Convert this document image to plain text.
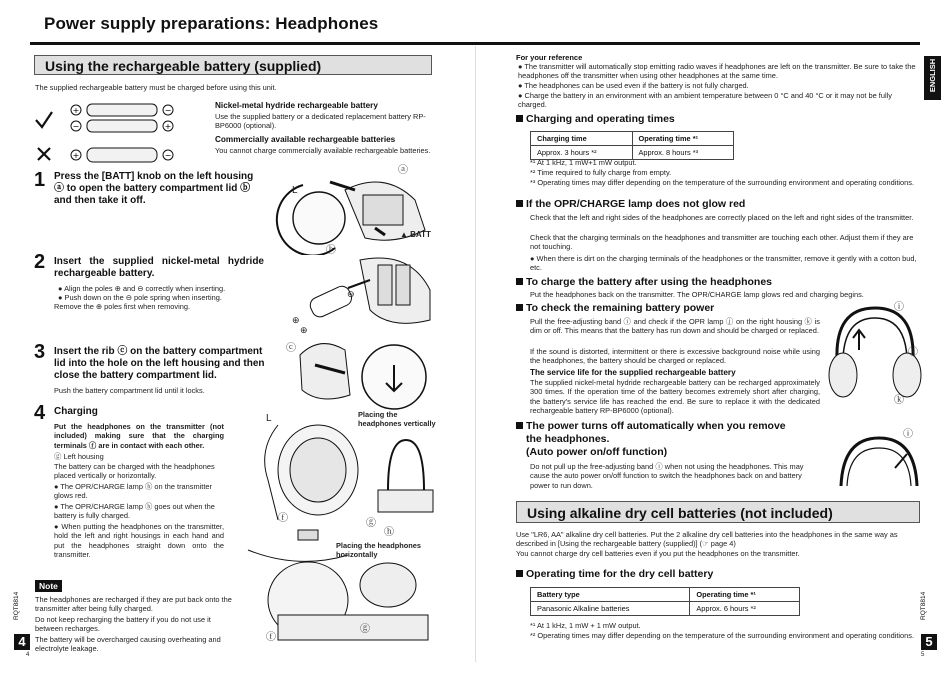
Power supply preparations: Headphones
Using the rechargeable battery (supplied)
The supplied rechargeable battery must be charged before using this unit.
+
−
−
+
+	−
Nickel-metal hydride rechargeable battery
Use the supplied battery or a dedicated replacement battery RP-BP6000 (optional).
Commercially available rechargeable batteries
You cannot charge commercially available rechargeable batteries.
1 Press the [BATT] knob on the left housing ⓐ to open the battery compartment lid ⓑ and then take it off.
2 Insert the supplied nickel-metal hydride rechargeable battery.
● Align the poles ⊕ and ⊖ correctly when inserting.
● Push down on the ⊖ pole spring when inserting.
Remove the ⊕ poles first when removing.
3 Insert the rib ⓒ on the battery compartment lid into the hole on the left housing and then close the battery compartment lid.
Push the battery compartment lid until it locks.
4 Charging
Put the headphones on the transmitter (not included) making sure that the charging terminals ⓕ are in contact with each other.
ⓖ Left housing
The battery can be charged with the headphones placed vertically or horizontally.
● The OPR/CHARGE lamp ⓗ on the transmitter glows red.
● The OPR/CHARGE lamp ⓗ goes out when the battery is fully charged.
● When putting the headphones on the transmitter, hold the left and right housings in each hand and put the headphones straight down onto the transmitter.
L
ⓐ
▲ BATT
ⓑ
⊖
⊕
⊕
ⓒ
Placing the headphones vertically
Placing the headphones horizontally
L
ⓕ	ⓖ
ⓗ
ⓕ
ⓖ
Note
The headphones are recharged if they are put back onto the transmitter after being fully charged.
Do not keep recharging the battery if you do not use it between recharges.
The battery will be overcharged causing overheating and electrolyte leakage.
4
RQT8814
4
For your reference
● The transmitter will automatically stop emitting radio waves if headphones are left on the transmitter. Be sure to take the headphones off the transmitter when using other headphones at the same time.
● The headphones can be used even if the battery is not fully charged.
● Charge the battery in an environment with an ambient temperature between 0 °C and 40 °C or it may not be fully charged.
Charging and operating times
Charging time	Operating time *¹
Approx. 3 hours *²	Approx. 8 hours *³
*¹ At 1 kHz, 1 mW+1 mW output.
*² Time required to fully charge from empty.
*³ Operating times may differ depending on the temperature of the surrounding environment and operating conditions.
If the OPR/CHARGE lamp does not glow red
Check that the left and right sides of the headphones are correctly placed on the left and right sides of the transmitter.
Check that the charging terminals on the headphones and transmitter are touching each other. Adjust them if they are not touching.
● When there is dirt on the charging terminals of the headphones or the transmitter, remove it gently with a cotton bud, etc.
To charge the battery after using the headphones
Put the headphones back on the transmitter. The OPR/CHARGE lamp glows red and charging begins.
To check the remaining battery power
Pull the free-adjusting band ⓘ and check if the OPR lamp ⓙ on the right housing ⓚ is dim or off. This means that the battery has run down and should be charged or replaced.
If the sound is distorted, intermittent or there is excessive background noise while using the headphones, the battery should be charged or replaced.
The service life for the supplied rechargeable battery
The supplied nickel-metal hydride rechargeable battery can be recharged approximately 300 times. If the operation time of the battery becomes extremely short after charging, the battery's service life has reached the end. Be sure to replace it with the dedicated rechargeable battery RP-BP6000 (optional).
ⓘ
ⓙ
ⓚ
The power turns off automatically when you remove
the headphones.
(Auto power on/off function)
Do not pull up the free-adjusting band ⓘ when not using the headphones. This may cause the auto power on/off function to switch the headphones back on and battery power to run down.
ⓘ
Using alkaline dry cell batteries (not included)
Use "LR6, AA" alkaline dry cell batteries. Put the 2 alkaline dry cell batteries into the headphones in the same way as described in [Using the rechargeable battery (supplied)] (☞ page 4)
You cannot charge dry cell batteries even if you put the headphones on the transmitter.
Operating time for the dry cell battery
Battery type	Operating time *¹
Panasonic Alkaline batteries	Approx. 6 hours *²
*¹ At 1 kHz, 1 mW + 1 mW output.
*² Operating times may differ depending on the temperature of the surrounding environment and operating conditions.
ENGLISH
5
RQT8814
5
